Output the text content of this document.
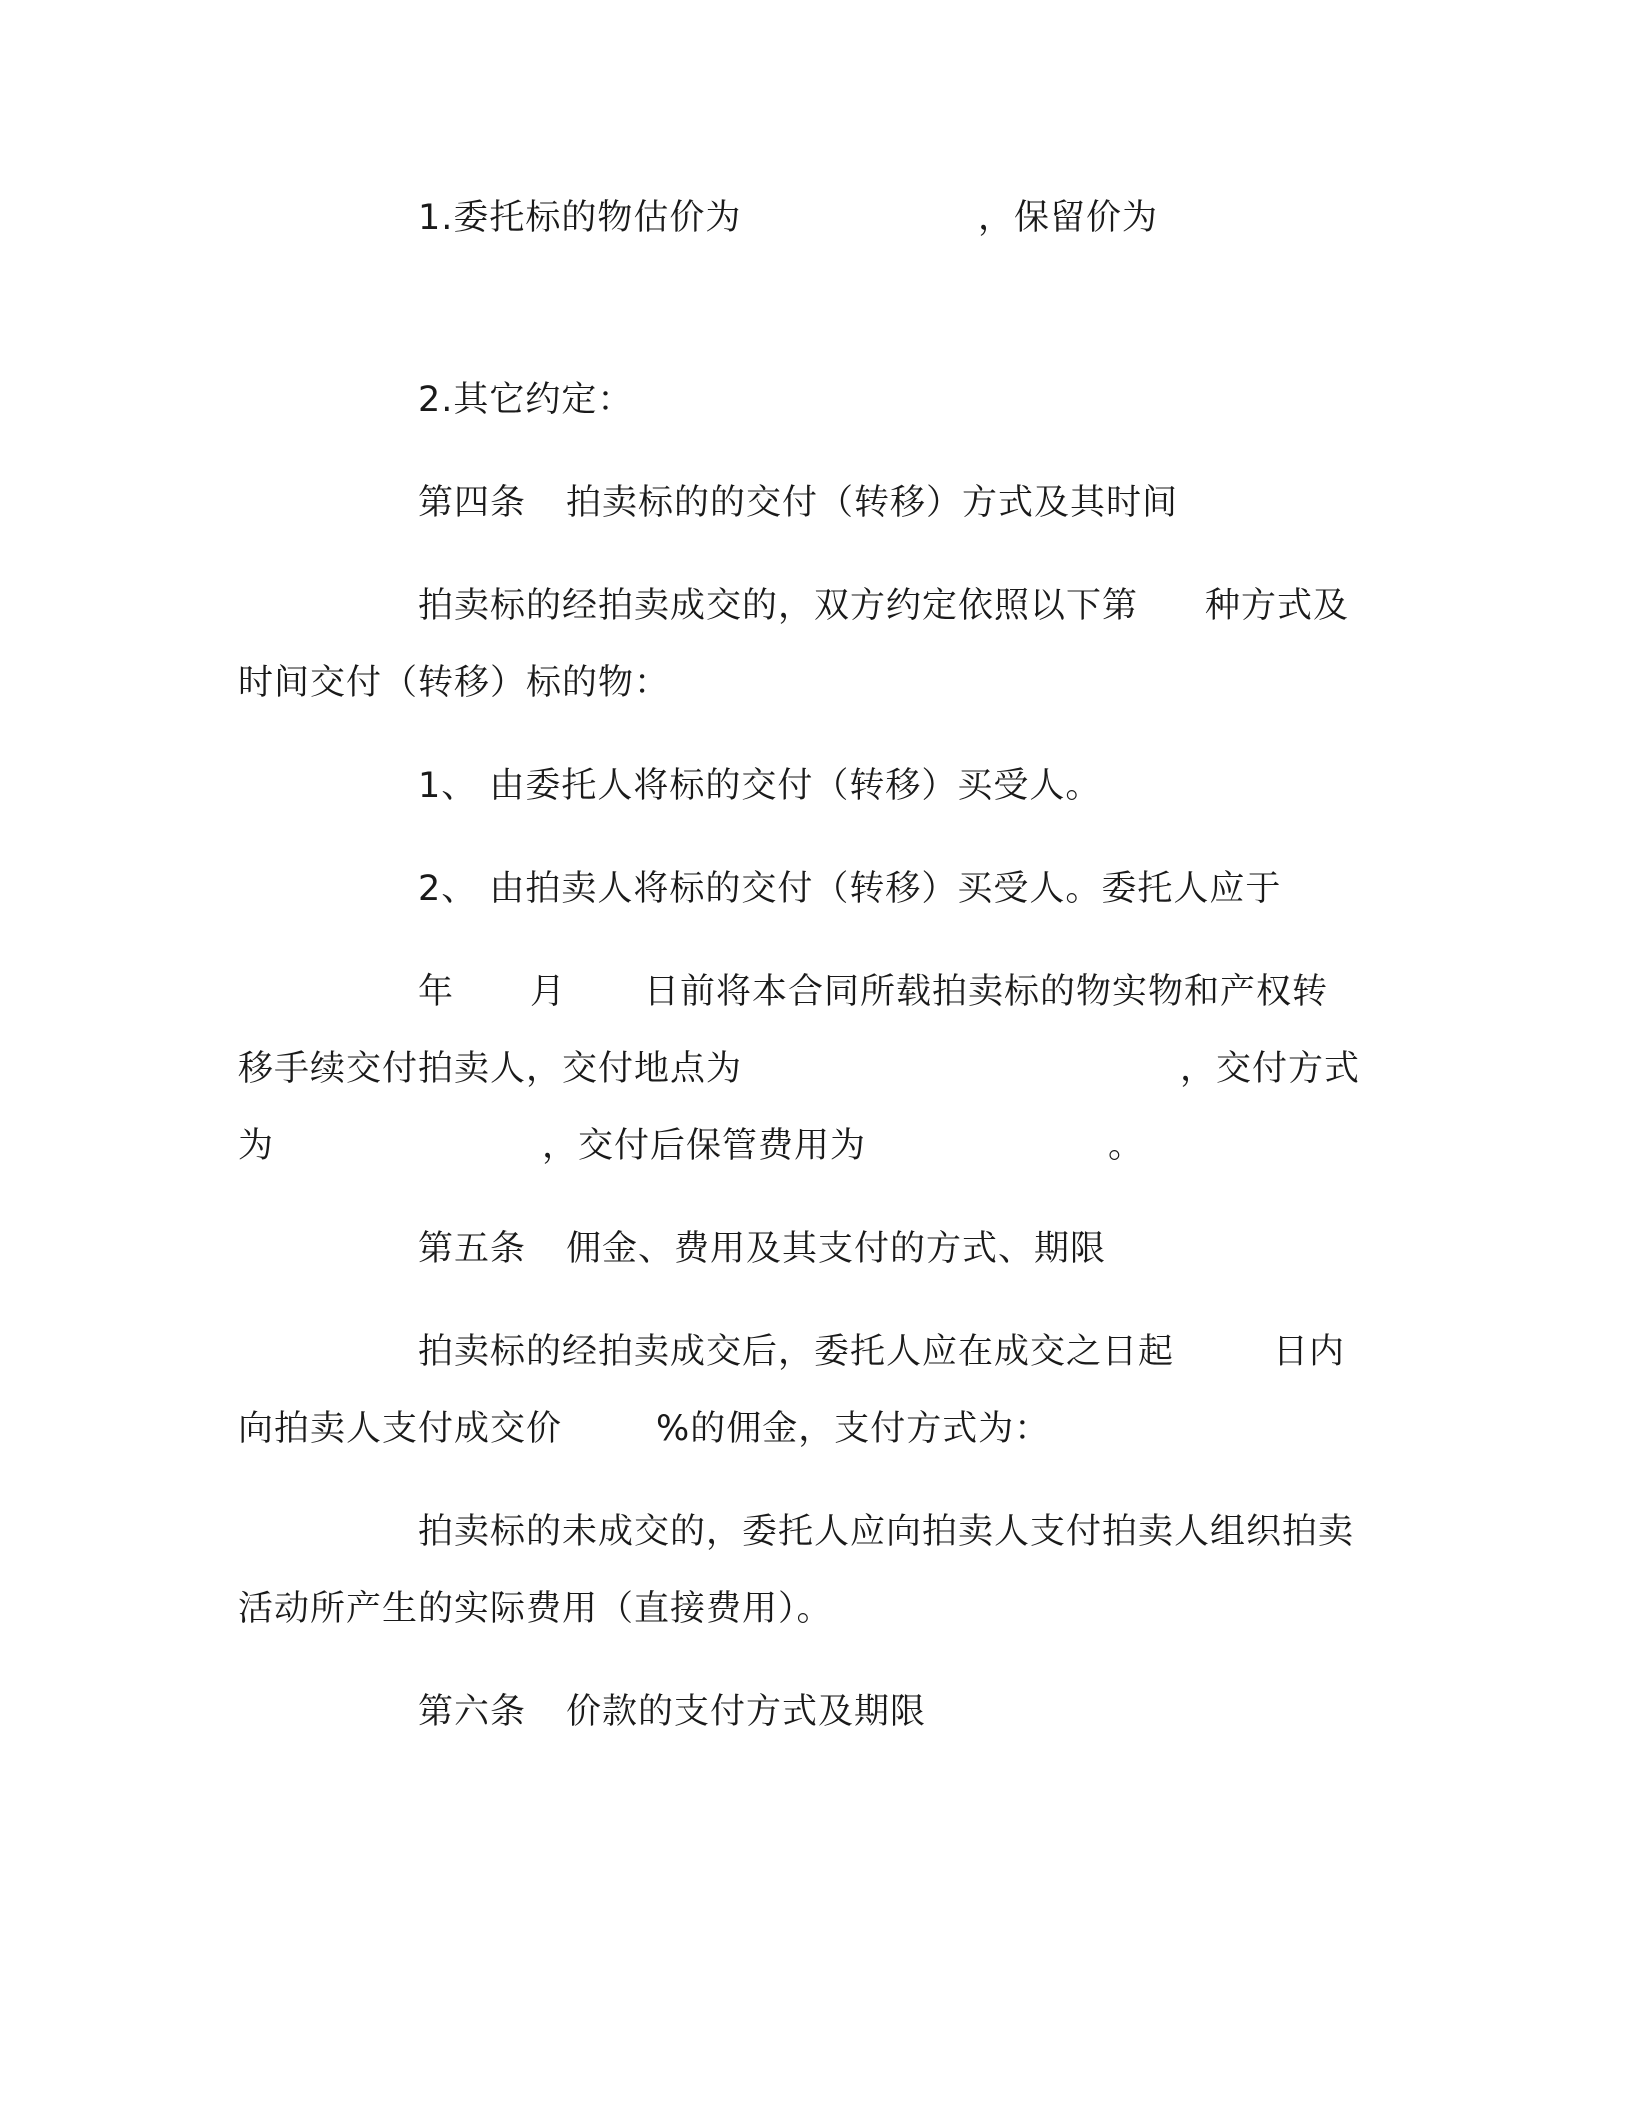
1.委托标的物估价为	，保留价为
2.其它约定：
第四条 拍卖标的的交付（转移）方式及其时间
拍卖标的经拍卖成交的，双方约定依照以下第 种方式及
时间交付（转移）标的物：
1、 由委托人将标的交付（转移）买受人。
2、 由拍卖人将标的交付（转移）买受人。委托人应于
年 月 日前将本合同所载拍卖标的物实物和产权转
移手续交付拍卖人，交付地点为	，交付方式
为	，交付后保管费用为	。
第五条 佣金、费用及其支付的方式、期限
拍卖标的经拍卖成交后，委托人应在成交之日起	日内
向拍卖人支付成交价	%的佣金，支付方式为：
拍卖标的未成交的，委托人应向拍卖人支付拍卖人组织拍卖
活动所产生的实际费用（直接费用）。
第六条 价款的支付方式及期限
